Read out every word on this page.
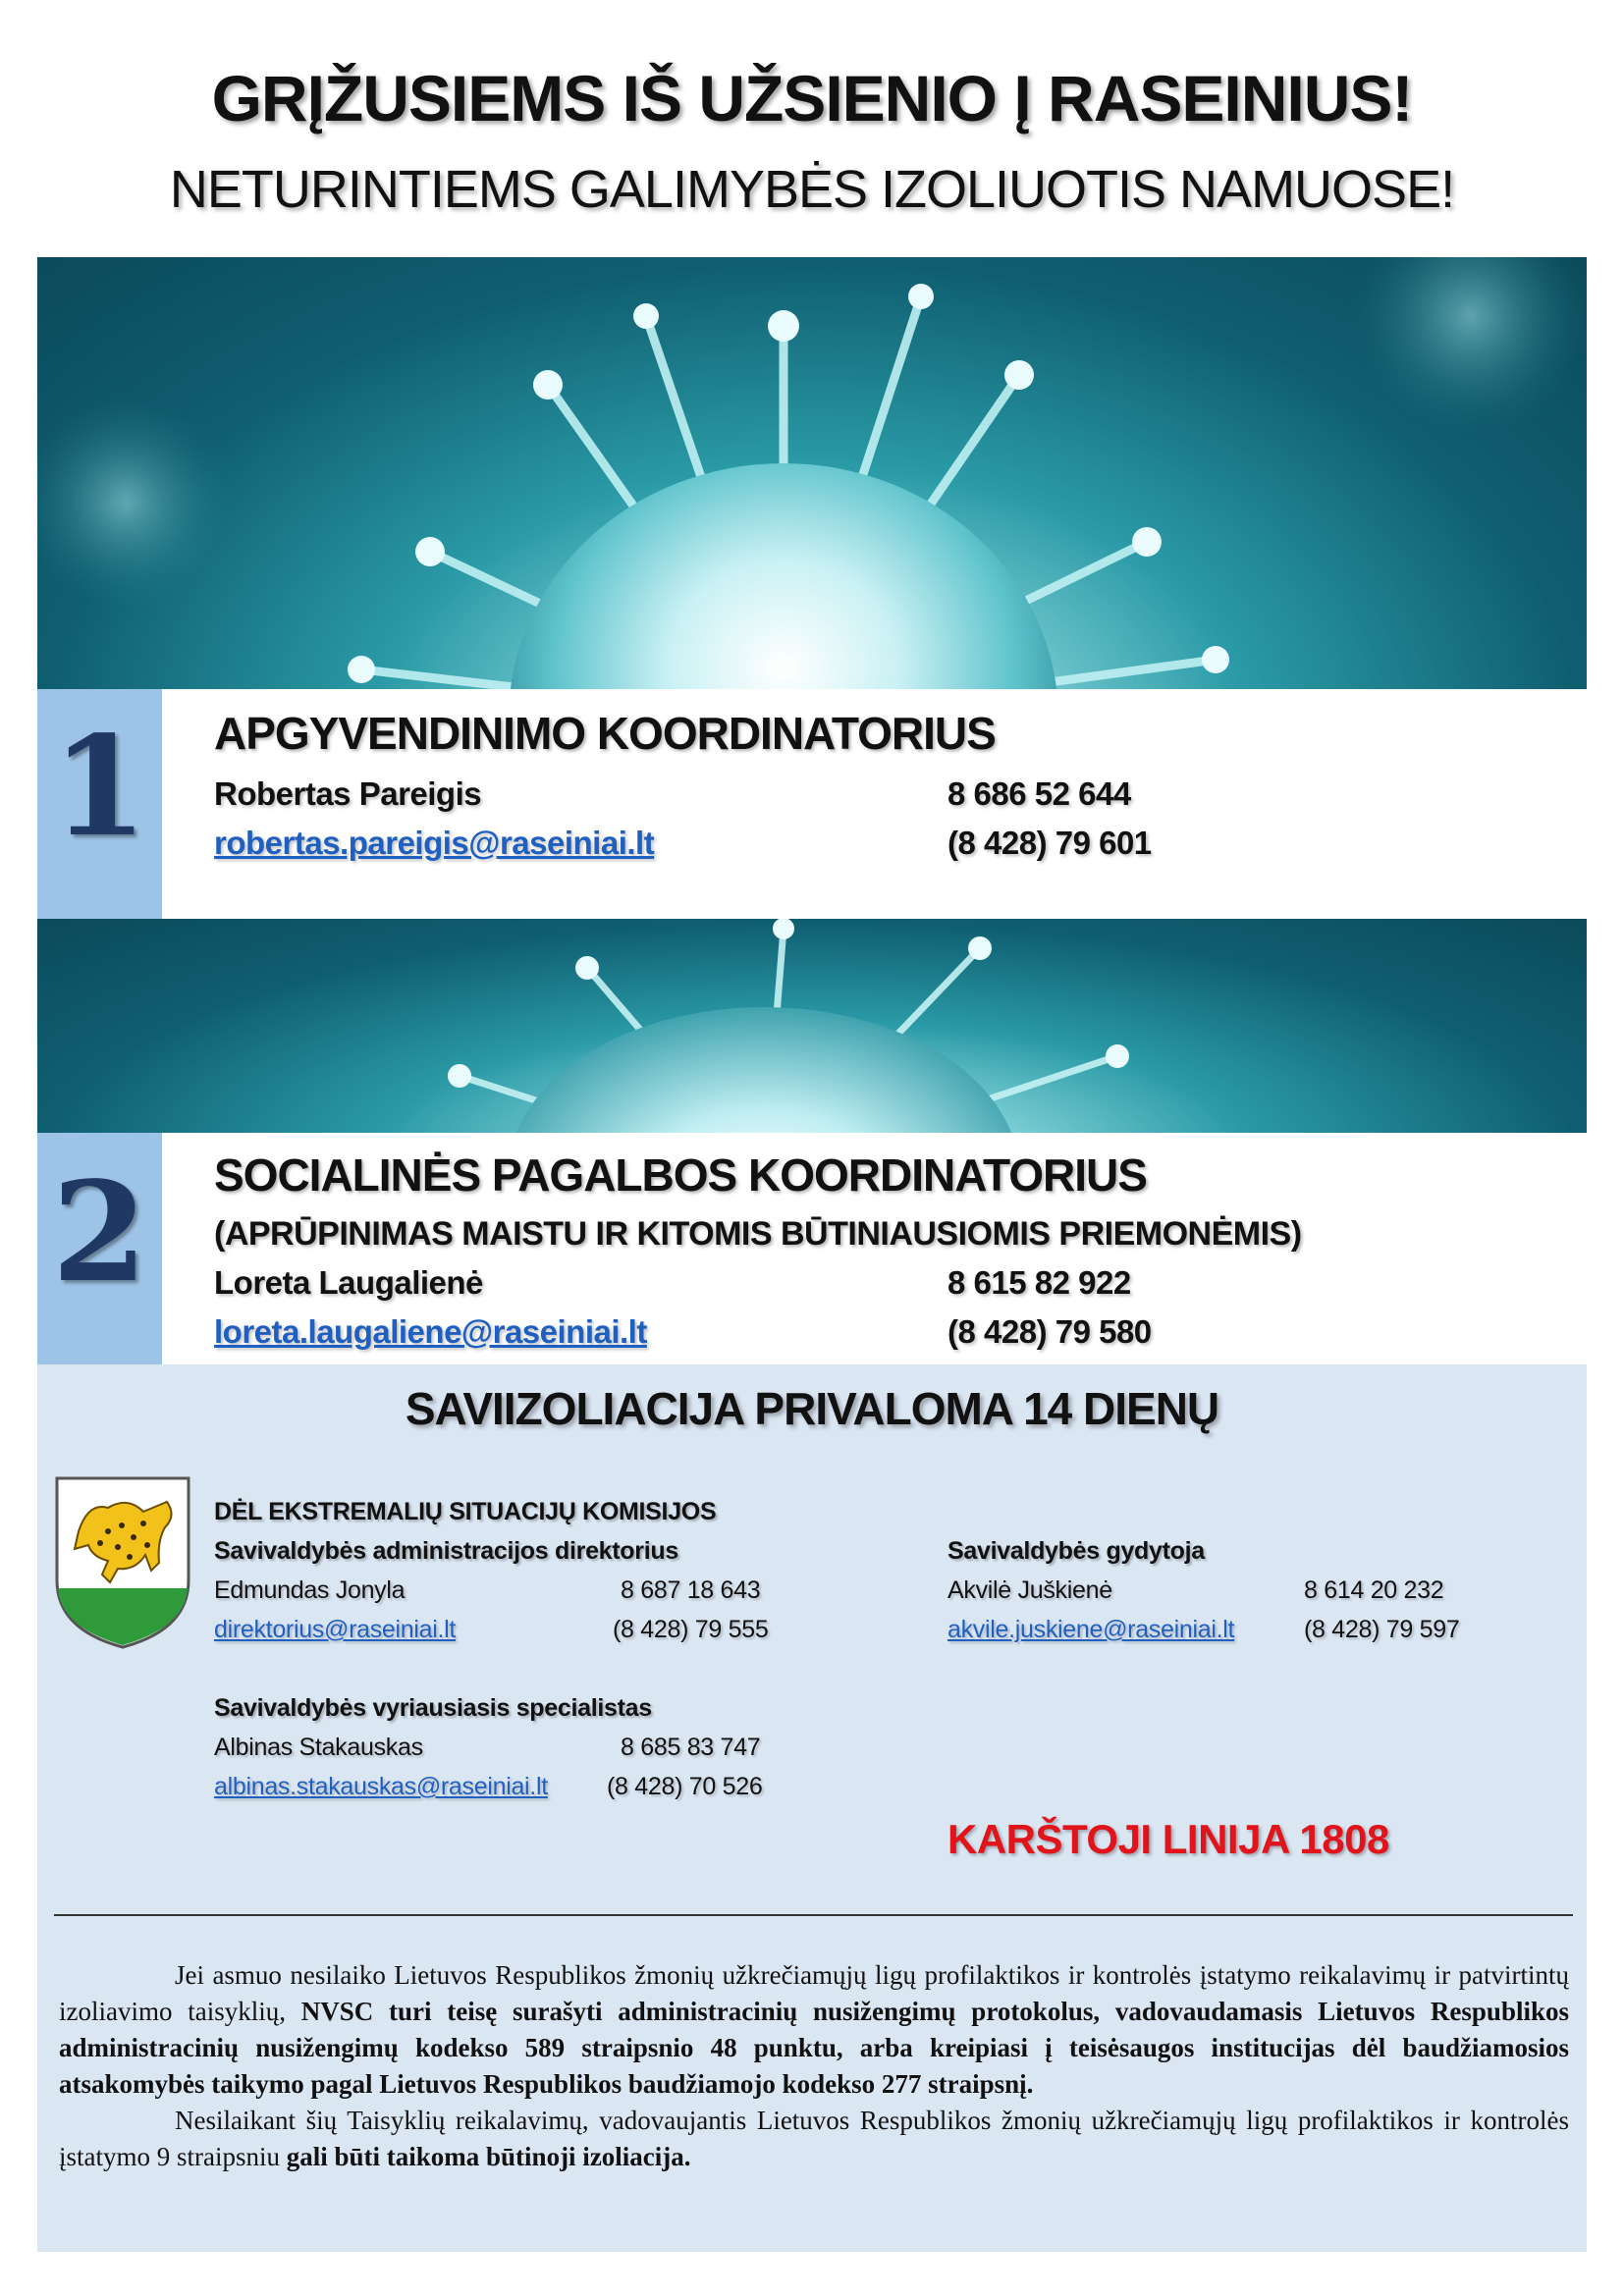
GRĮŽUSIEMS IŠ UŽSIENIO Į RASEINIUS!
NETURINTIEMS GALIMYBĖS IZOLIUOTIS NAMUOSE!
1	APGYVENDINIMO KOORDINATORIUS
Robertas Pareigis	8 686 52 644
robertas.pareigis@raseiniai.lt	(8 428) 79 601
2	SOCIALINĖS PAGALBOS KOORDINATORIUS
(APRŪPINIMAS MAISTU IR KITOMIS BŪTINIAUSIOMIS PRIEMONĖMIS)
Loreta Laugalienė	8 615 82 922
loreta.laugaliene@raseiniai.lt	(8 428) 79 580
SAVIIZOLIACIJA PRIVALOMA 14 DIENŲ
DĖL EKSTREMALIŲ SITUACIJŲ KOMISIJOS
Savivaldybės administracijos direktorius
Edmundas Jonyla	8 687 18 643
direktorius@raseiniai.lt	(8 428) 79 555
Savivaldybės gydytoja
Akvilė Juškienė	8 614 20 232
akvile.juskiene@raseiniai.lt	(8 428) 79 597
Savivaldybės vyriausiasis specialistas
Albinas Stakauskas	8 685 83 747
albinas.stakauskas@raseiniai.lt (8 428) 70 526
KARŠTOJI LINIJA 1808

Jei asmuo nesilaiko Lietuvos Respublikos žmonių užkrečiamųjų ligų profilaktikos ir kontrolės įstatymo reikalavimų ir patvirtintų izoliavimo taisyklių, NVSC turi teisę surašyti administracinių nusižengimų protokolus, vadovaudamasis Lietuvos Respublikos administracinių nusižengimų kodekso 589 straipsnio 48 punktu, arba kreipiasi į teisėsaugos institucijas dėl baudžiamosios atsakomybės taikymo pagal Lietuvos Respublikos baudžiamojo kodekso 277 straipsnį.

Nesilaikant šių Taisyklių reikalavimų, vadovaujantis Lietuvos Respublikos žmonių užkrečiamųjų ligų profilaktikos ir kontrolės įstatymo 9 straipsniu gali būti taikoma būtinoji izoliacija.
